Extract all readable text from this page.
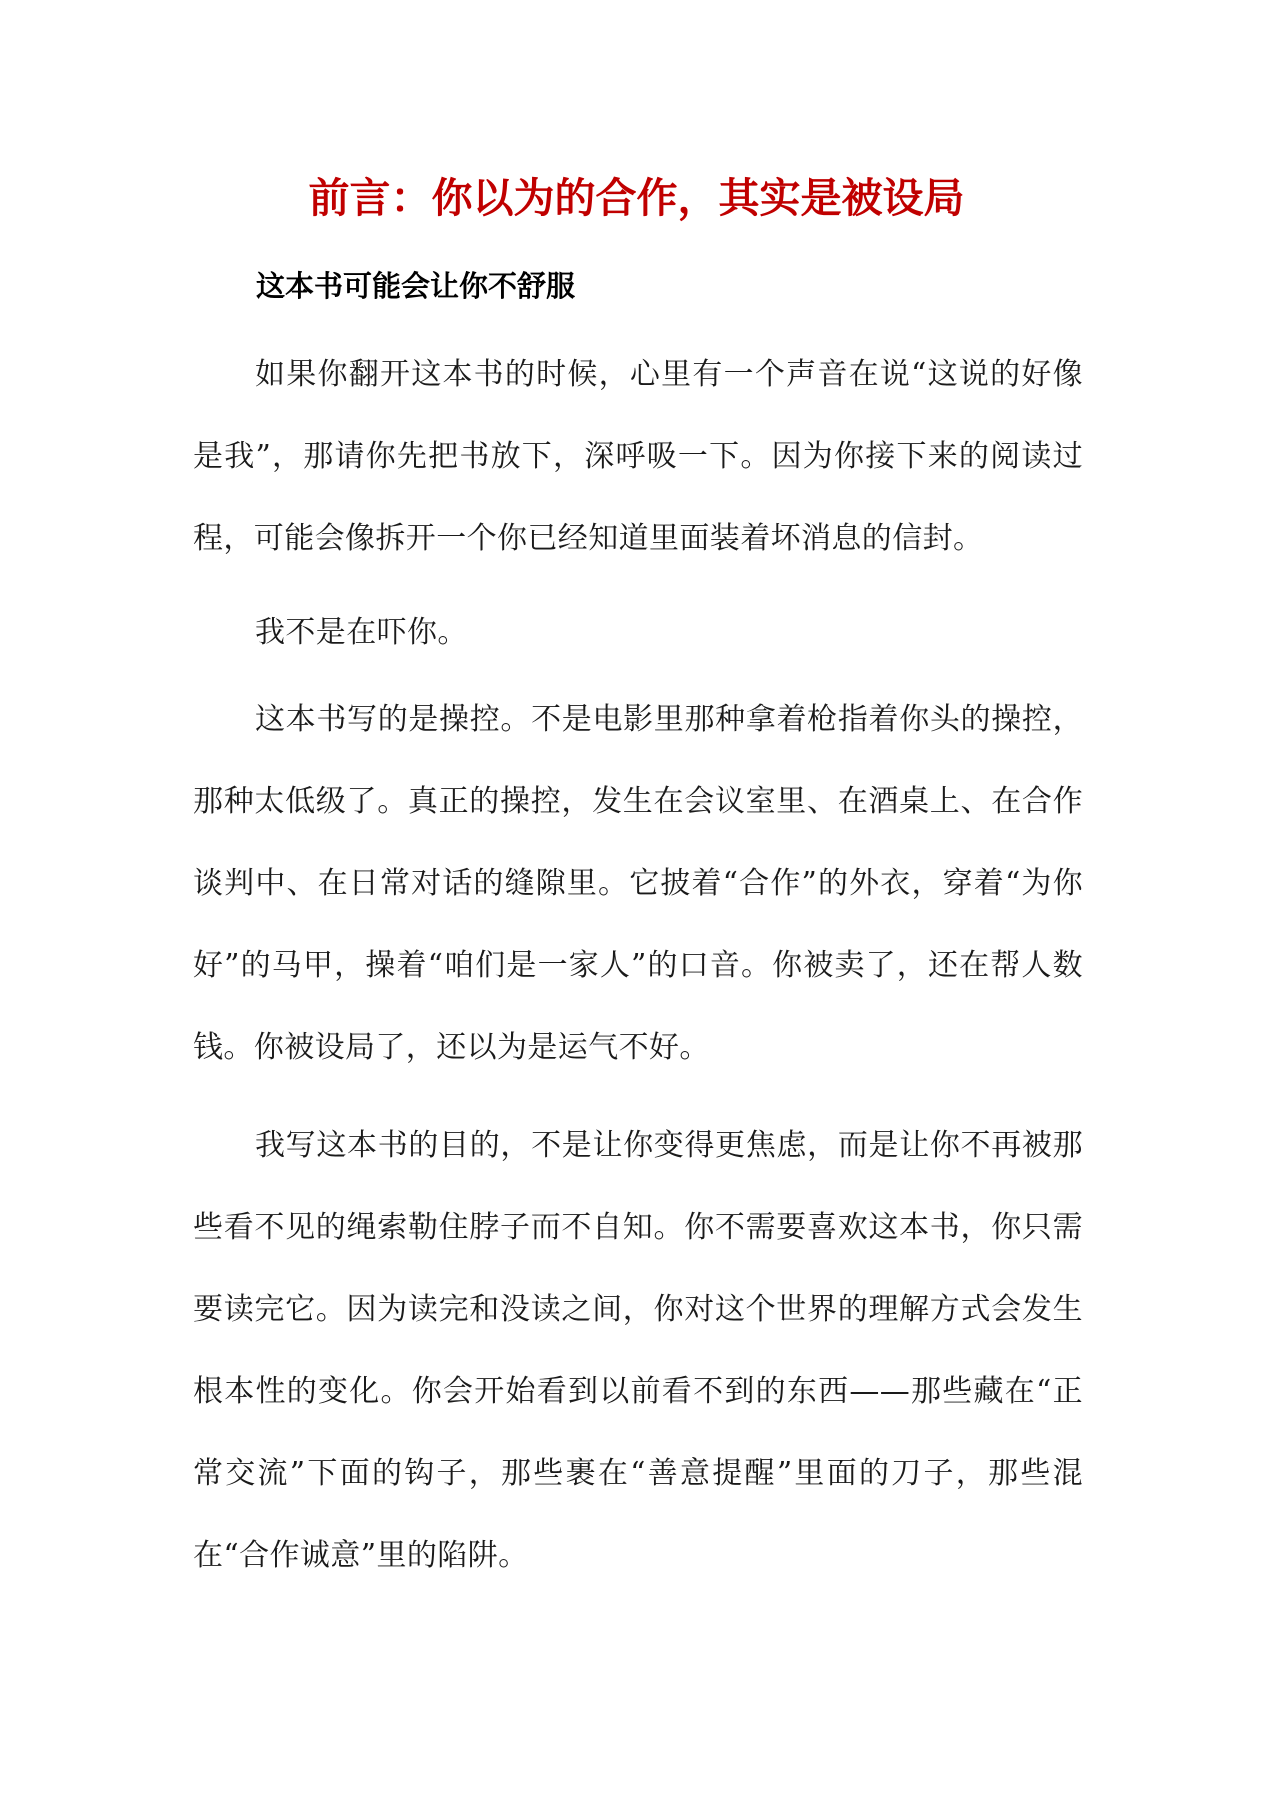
前言：你以为的合作，其实是被设局
这本书可能会让你不舒服

如果你翻开这本书的时候，心里有一个声音在说“这说的好像是我”，那请你先把书放下，深呼吸一下。因为你接下来的阅读过程，可能会像拆开一个你已经知道里面装着坏消息的信封。

我不是在吓你。

这本书写的是操控。不是电影里那种拿着枪指着你头的操控，那种太低级了。真正的操控，发生在会议室里、在酒桌上、在合作谈判中、在日常对话的缝隙里。它披着“合作”的外衣，穿着“为你好”的马甲，操着“咱们是一家人”的口音。你被卖了，还在帮人数钱。你被设局了，还以为是运气不好。

我写这本书的目的，不是让你变得更焦虑，而是让你不再被那些看不见的绳索勒住脖子而不自知。你不需要喜欢这本书，你只需要读完它。因为读完和没读之间，你对这个世界的理解方式会发生根本性的变化。你会开始看到以前看不到的东西——那些藏在“正常交流”下面的钩子，那些裹在“善意提醒”里面的刀子，那些混在“合作诚意”里的陷阱。
